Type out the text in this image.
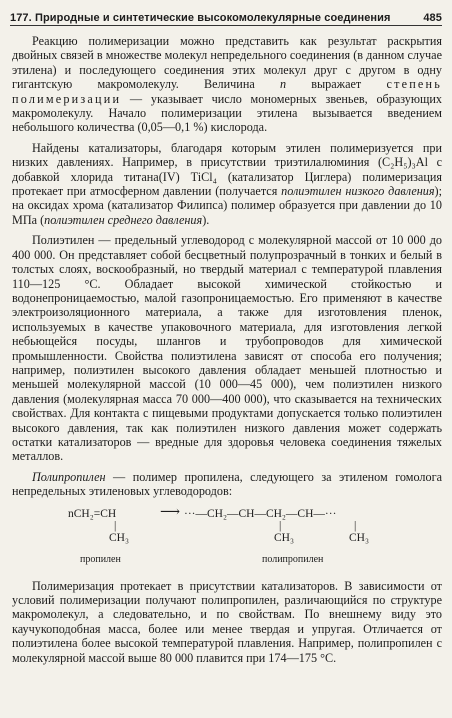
177. Природные и синтетические высокомолекулярные соединения	485

Реакцию полимеризации можно представить как результат раскрытия двойных связей в множестве молекул непредельного соединения (в данном случае этилена) и последующего соединения этих молекул друг с другом в одну гигантскую макромолекулу. Величина n выражает степень полимеризации — указывает число мономерных звеньев, образующих макромолекулу. Начало полимеризации этилена вызывается введением небольшого количества (0,05—0,1 %) кислорода.

Найдены катализаторы, благодаря которым этилен полимеризуется при низких давлениях. Например, в присутствии триэтилалюминия (C₂H₅)₃Al с добавкой хлорида титана(IV) TiCl₄ (катализатор Циглера) полимеризация протекает при атмосферном давлении (получается полиэтилен низкого давления); на оксидах хрома (катализатор Филипса) полимер образуется при давлении до 10 МПа (полиэтилен среднего давления).

Полиэтилен — предельный углеводород с молекулярной массой от 10 000 до 400 000. Он представляет собой бесцветный полупрозрачный в тонких и белый в толстых слоях, воскообразный, но твердый материал с температурой плавления 110—125 °C. Обладает высокой химической стойкостью и водонепроницаемостью, малой газопроницаемостью. Его применяют в качестве электроизоляционного материала, а также для изготовления пленок, используемых в качестве упаковочного материала, для изготовления легкой небьющейся посуды, шлангов и трубопроводов для химической промышленности. Свойства полиэтилена зависят от способа его получения; например, полиэтилен высокого давления обладает меньшей плотностью и меньшей молекулярной массой (10 000—45 000), чем полиэтилен низкого давления (молекулярная масса 70 000—400 000), что сказывается на технических свойствах. Для контакта с пищевыми продуктами допускается только полиэтилен высокого давления, так как полиэтилен низкого давления может содержать остатки катализаторов — вредные для здоровья человека соединения тяжелых металлов.

Полипропилен — полимер пропилена, следующего за этиленом гомолога непредельных этиленовых углеводородов:

nCH₂=CH
|
CH₃
⟶ ···—CH₂—CH—CH₂—CH—···
|
CH₃
|
CH₃
пропилен	полипропилен

Полимеризация протекает в присутствии катализаторов. В зависимости от условий полимеризации получают полипропилен, различающийся по структуре макромолекул, а следовательно, и по свойствам. По внешнему виду это каучукоподобная масса, более или менее твердая и упругая. Отличается от полиэтилена более высокой температурой плавления. Например, полипропилен с молекулярной массой выше 80 000 плавится при 174—175 °C.
